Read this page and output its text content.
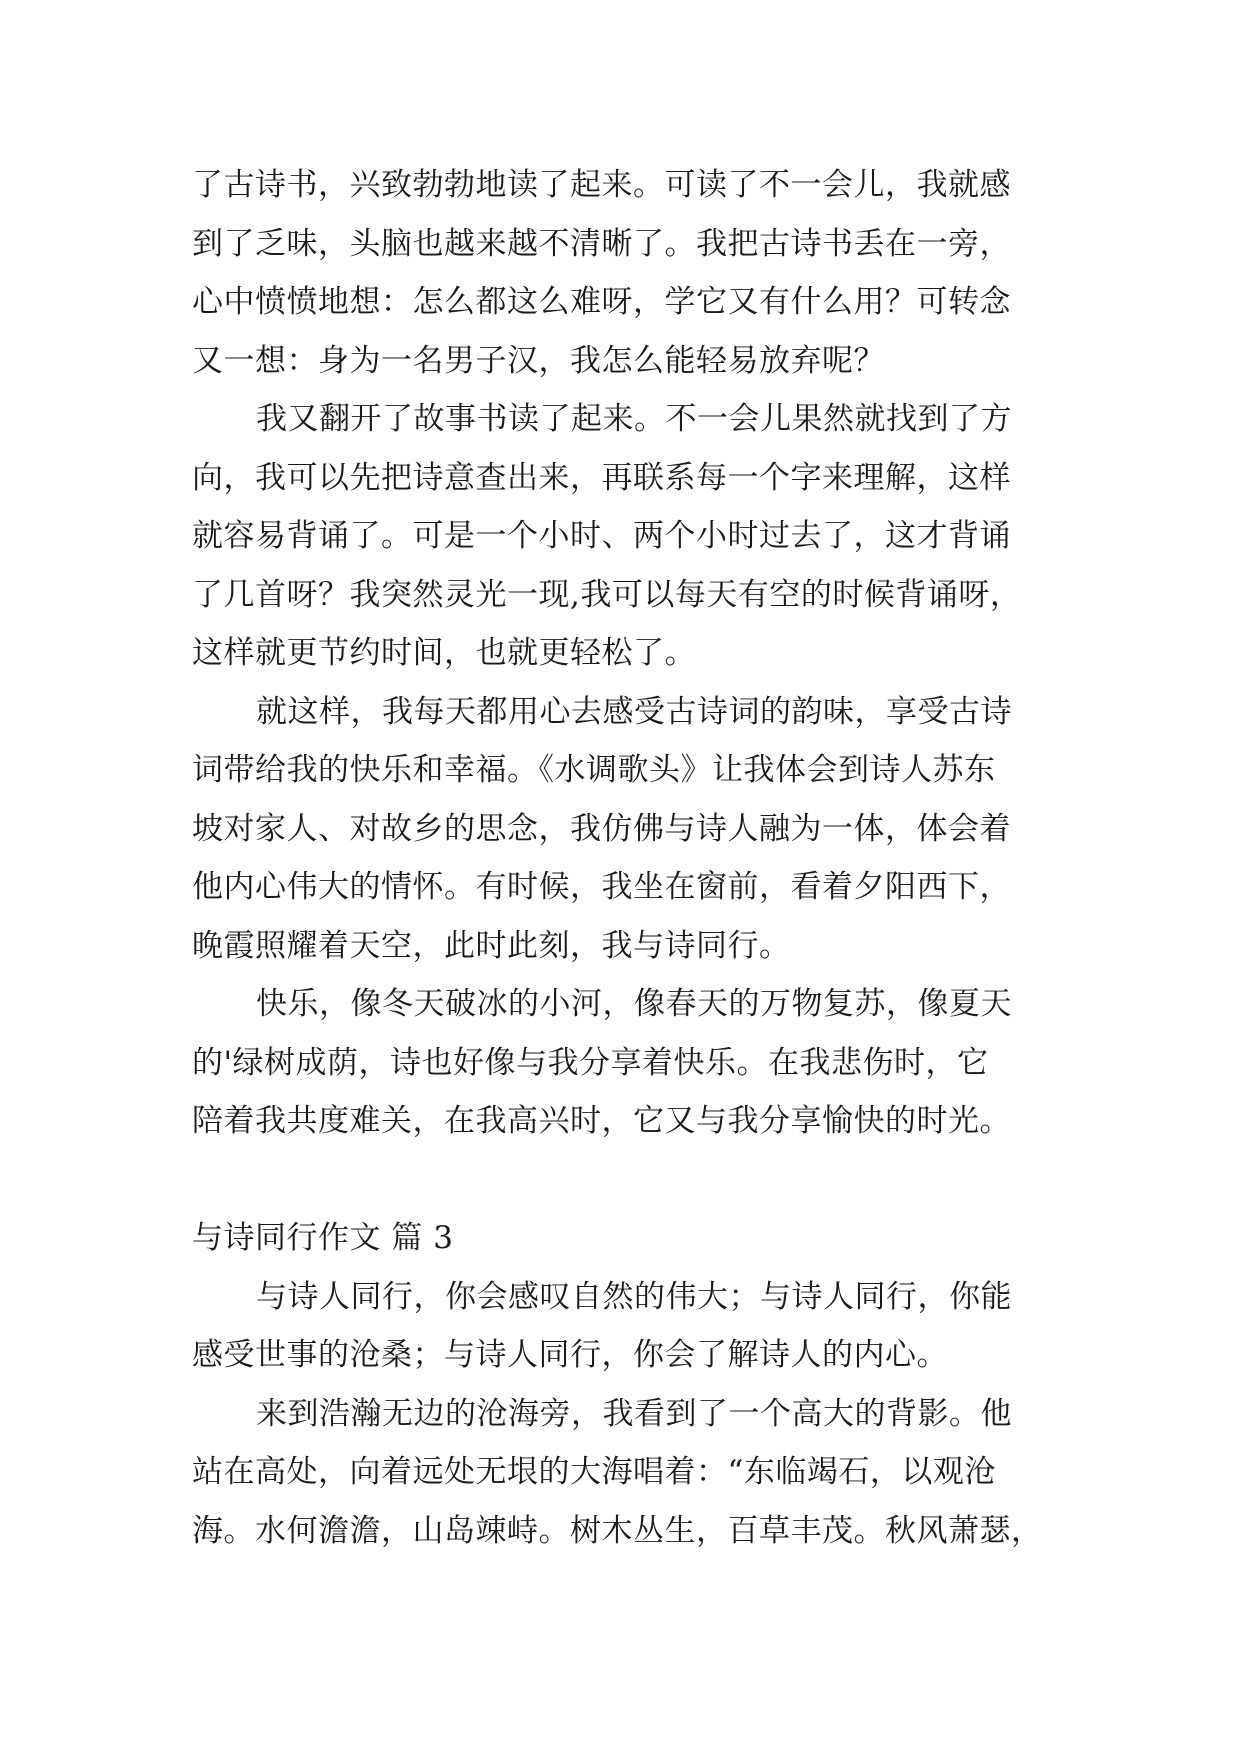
了古诗书，兴致勃勃地读了起来。可读了不一会儿，我就感
到了乏味，头脑也越来越不清晰了。我把古诗书丢在一旁，
心中愤愤地想：怎么都这么难呀，学它又有什么用？可转念
又一想：身为一名男子汉，我怎么能轻易放弃呢？
我又翻开了故事书读了起来。不一会儿果然就找到了方
向，我可以先把诗意查出来，再联系每一个字来理解，这样
就容易背诵了。可是一个小时、两个小时过去了，这才背诵
了几首呀？我突然灵光一现,我可以每天有空的时候背诵呀，
这样就更节约时间，也就更轻松了。
就这样，我每天都用心去感受古诗词的韵味，享受古诗
词带给我的快乐和幸福。《水调歌头》让我体会到诗人苏东
坡对家人、对故乡的思念，我仿佛与诗人融为一体，体会着
他内心伟大的情怀。有时候，我坐在窗前，看着夕阳西下，
晚霞照耀着天空，此时此刻，我与诗同行。
快乐，像冬天破冰的小河，像春天的万物复苏，像夏天
的'绿树成荫，诗也好像与我分享着快乐。在我悲伤时，它
陪着我共度难关，在我高兴时，它又与我分享愉快的时光。
与诗同行作文 篇 3
与诗人同行，你会感叹自然的伟大；与诗人同行，你能
感受世事的沧桑；与诗人同行，你会了解诗人的内心。
来到浩瀚无边的沧海旁，我看到了一个高大的背影。他
站在高处，向着远处无垠的大海唱着：“东临竭石，以观沧
海。水何澹澹，山岛竦峙。树木丛生，百草丰茂。秋风萧瑟，
